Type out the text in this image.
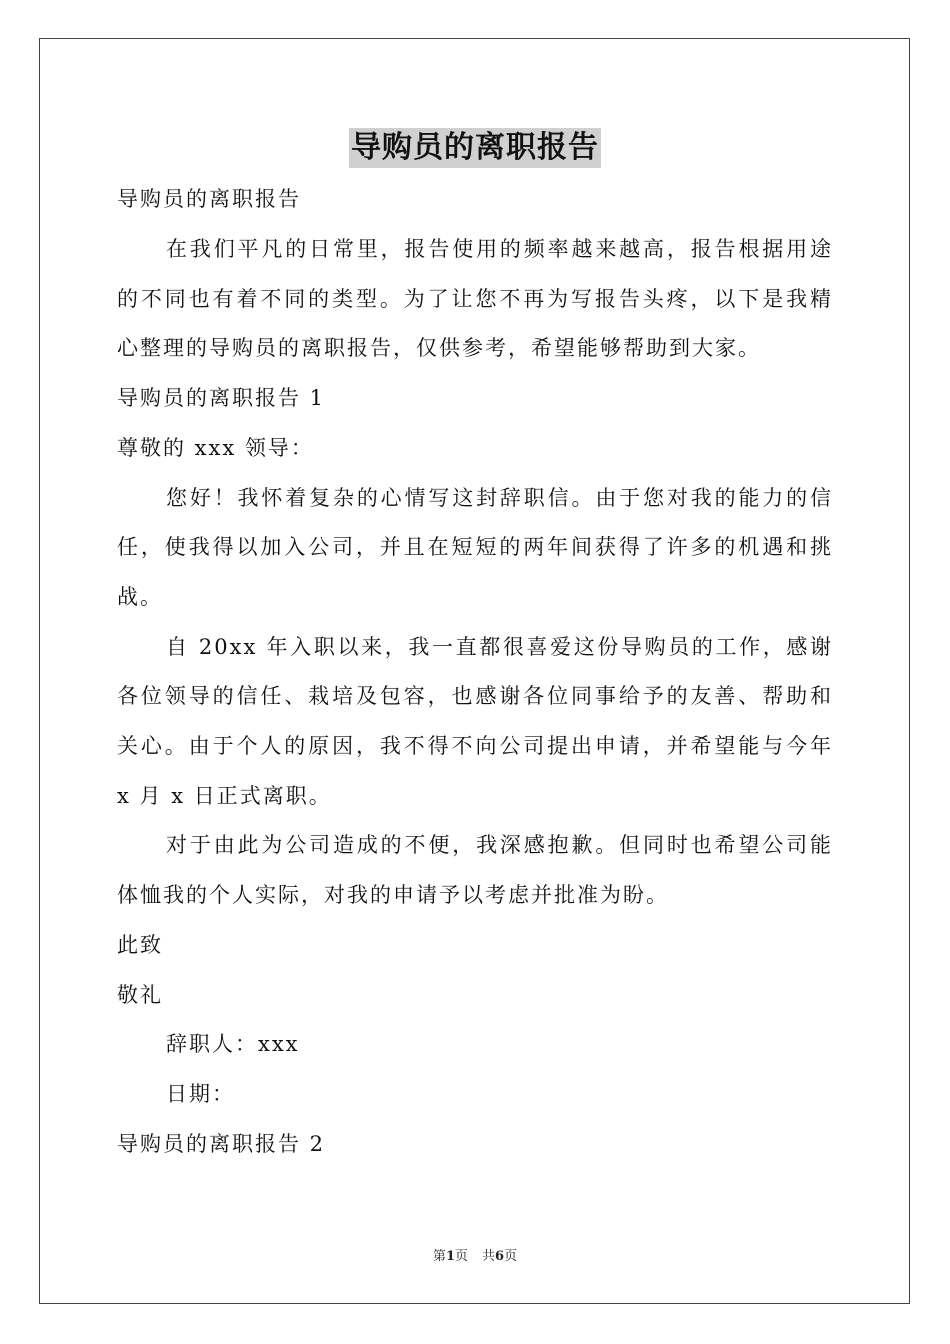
导购员的离职报告
导购员的离职报告
在我们平凡的日常里，报告使用的频率越来越高，报告根据用途
的不同也有着不同的类型。为了让您不再为写报告头疼，以下是我精
心整理的导购员的离职报告，仅供参考，希望能够帮助到大家。
导购员的离职报告 1
尊敬的 xxx 领导：
您好！我怀着复杂的心情写这封辞职信。由于您对我的能力的信
任，使我得以加入公司，并且在短短的两年间获得了许多的机遇和挑
战。
自 20xx 年入职以来，我一直都很喜爱这份导购员的工作，感谢
各位领导的信任、栽培及包容，也感谢各位同事给予的友善、帮助和
关心。由于个人的原因，我不得不向公司提出申请，并希望能与今年
x 月 x 日正式离职。
对于由此为公司造成的不便，我深感抱歉。但同时也希望公司能
体恤我的个人实际，对我的申请予以考虑并批准为盼。
此致
敬礼
辞职人：xxx
日期：
导购员的离职报告 2
第1页 共6页
